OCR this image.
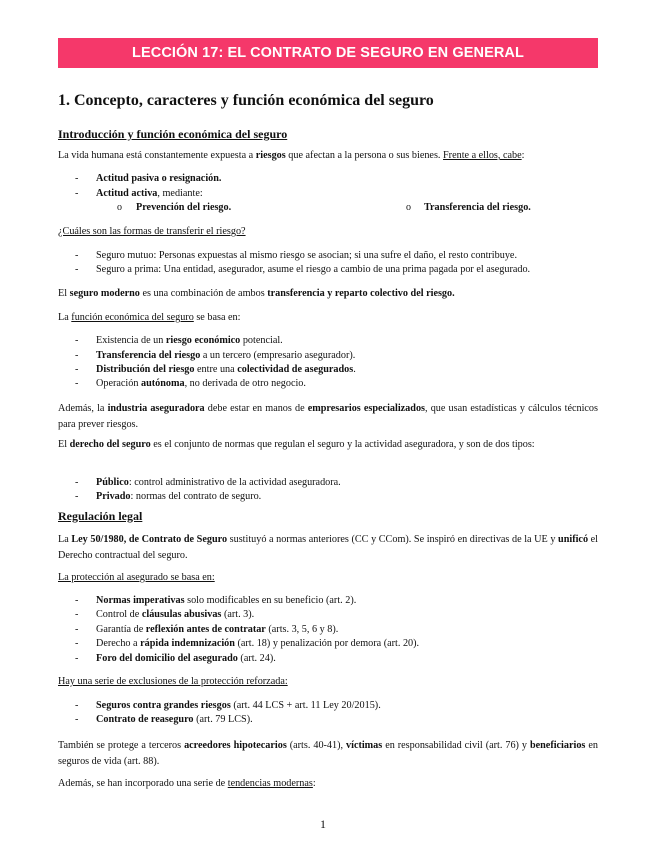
LECCIÓN 17: EL CONTRATO DE SEGURO EN GENERAL
1. Concepto, caracteres y función económica del seguro
Introducción y función económica del seguro
La vida humana está constantemente expuesta a riesgos que afectan a la persona o sus bienes. Frente a ellos, cabe:
- Actitud pasiva o resignación.
- Actitud activa, mediante:
o Prevención del riesgo.	o Transferencia del riesgo.
¿Cuáles son las formas de transferir el riesgo?
- Seguro mutuo: Personas expuestas al mismo riesgo se asocian; si una sufre el daño, el resto contribuye.
- Seguro a prima: Una entidad, asegurador, asume el riesgo a cambio de una prima pagada por el asegurado.
El seguro moderno es una combinación de ambos transferencia y reparto colectivo del riesgo.
La función económica del seguro se basa en:
- Existencia de un riesgo económico potencial.
- Transferencia del riesgo a un tercero (empresario asegurador).
- Distribución del riesgo entre una colectividad de asegurados.
- Operación autónoma, no derivada de otro negocio.
Además, la industria aseguradora debe estar en manos de empresarios especializados, que usan estadísticas y cálculos técnicos para prever riesgos.
El derecho del seguro es el conjunto de normas que regulan el seguro y la actividad aseguradora, y son de dos tipos:
- Público: control administrativo de la actividad aseguradora.
- Privado: normas del contrato de seguro.
Regulación legal
La Ley 50/1980, de Contrato de Seguro sustituyó a normas anteriores (CC y CCom). Se inspiró en directivas de la UE y unificó el Derecho contractual del seguro.
La protección al asegurado se basa en:
- Normas imperativas solo modificables en su beneficio (art. 2).
- Control de cláusulas abusivas (art. 3).
- Garantía de reflexión antes de contratar (arts. 3, 5, 6 y 8).
- Derecho a rápida indemnización (art. 18) y penalización por demora (art. 20).
- Foro del domicilio del asegurado (art. 24).
Hay una serie de exclusiones de la protección reforzada:
- Seguros contra grandes riesgos (art. 44 LCS + art. 11 Ley 20/2015).
- Contrato de reaseguro (art. 79 LCS).
También se protege a terceros acreedores hipotecarios (arts. 40-41), víctimas en responsabilidad civil (art. 76) y beneficiarios en seguros de vida (art. 88).
Además, se han incorporado una serie de tendencias modernas:
1
